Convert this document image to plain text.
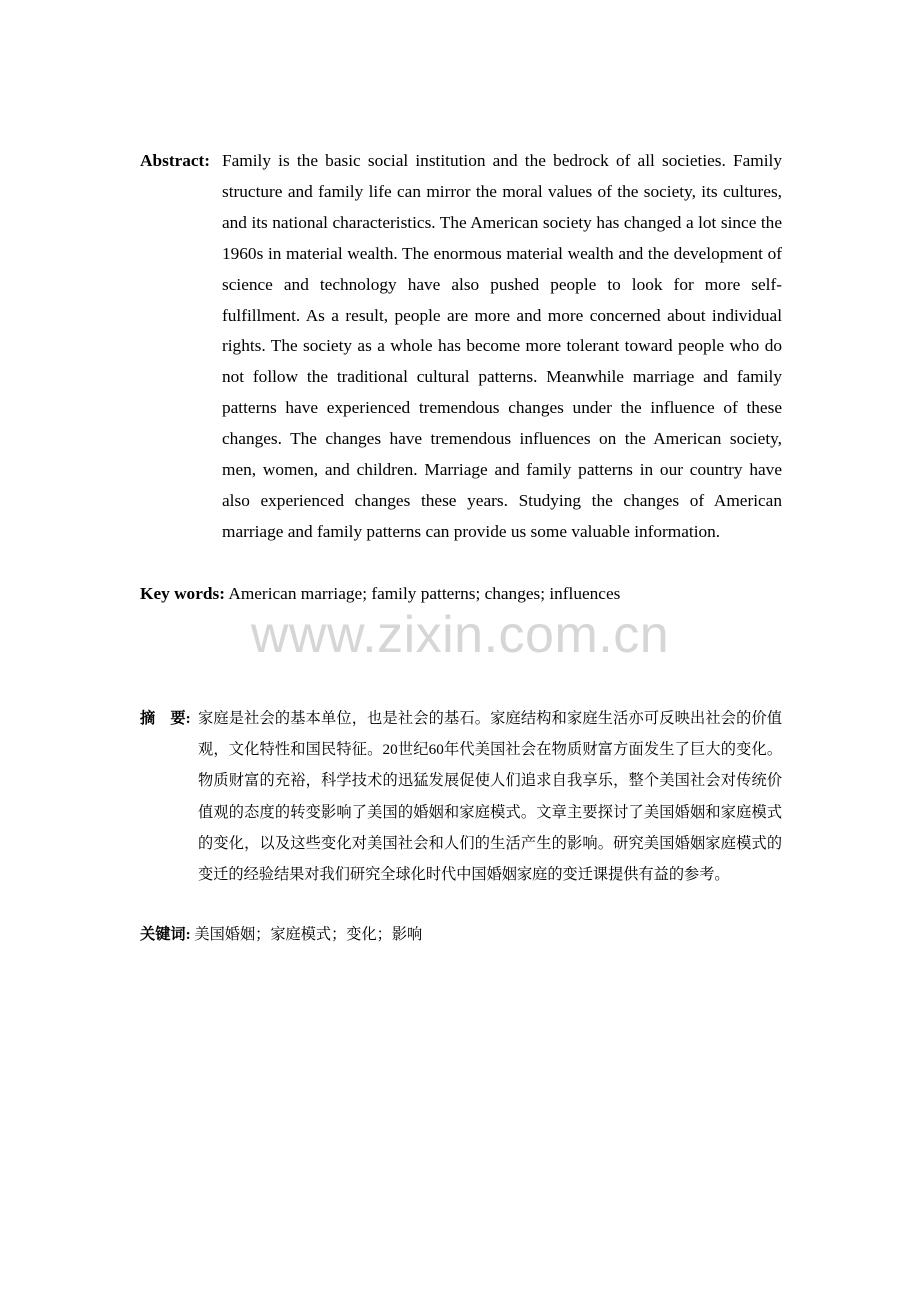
Abstract: Family is the basic social institution and the bedrock of all societies. Family structure and family life can mirror the moral values of the society, its cultures, and its national characteristics. The American society has changed a lot since the 1960s in material wealth. The enormous material wealth and the development of science and technology have also pushed people to look for more self-fulfillment. As a result, people are more and more concerned about individual rights. The society as a whole has become more tolerant toward people who do not follow the traditional cultural patterns. Meanwhile marriage and family patterns have experienced tremendous changes under the influence of these changes. The changes have tremendous influences on the American society, men, women, and children. Marriage and family patterns in our country have also experienced changes these years. Studying the changes of American marriage and family patterns can provide us some valuable information.
Key words: American marriage; family patterns; changes; influences
www.zixin.com.cn
摘　要: 家庭是社会的基本单位，也是社会的基石。家庭结构和家庭生活亦可反映出社会的价值观，文化特性和国民特征。20世纪60年代美国社会在物质财富方面发生了巨大的变化。物质财富的充裕，科学技术的迅猛发展促使人们追求自我享乐，整个美国社会对传统价值观的态度的转变影响了美国的婚姻和家庭模式。文章主要探讨了美国婚姻和家庭模式的变化，以及这些变化对美国社会和人们的生活产生的影响。研究美国婚姻家庭模式的变迁的经验结果对我们研究全球化时代中国婚姻家庭的变迁课提供有益的参考。
关键词: 美国婚姻；家庭模式；变化；影响
